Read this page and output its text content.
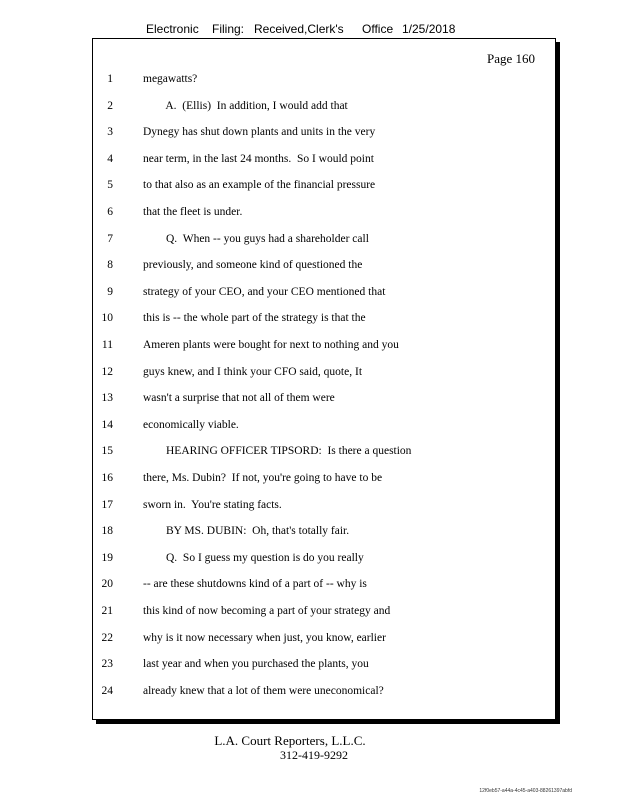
Electronic Filing: Received,Clerk's Office 1/25/2018
Page 160
1	megawatts?
2	A.  (Ellis)  In addition, I would add that
3	Dynegy has shut down plants and units in the very
4	near term, in the last 24 months.  So I would point
5	to that also as an example of the financial pressure
6	that the fleet is under.
7	Q.  When -- you guys had a shareholder call
8	previously, and someone kind of questioned the
9	strategy of your CEO, and your CEO mentioned that
10	this is -- the whole part of the strategy is that the
11	Ameren plants were bought for next to nothing and you
12	guys knew, and I think your CFO said, quote, It
13	wasn't a surprise that not all of them were
14	economically viable.
15	HEARING OFFICER TIPSORD:  Is there a question
16	there, Ms. Dubin?  If not, you're going to have to be
17	sworn in.  You're stating facts.
18	BY MS. DUBIN:  Oh, that's totally fair.
19	Q.  So I guess my question is do you really
20	-- are these shutdowns kind of a part of -- why is
21	this kind of now becoming a part of your strategy and
22	why is it now necessary when just, you know, earlier
23	last year and when you purchased the plants, you
24	already knew that a lot of them were uneconomical?
L.A. Court Reporters, L.L.C.
312-419-9292
12f0eb57-a44a-4c45-a403-88261397abfd
